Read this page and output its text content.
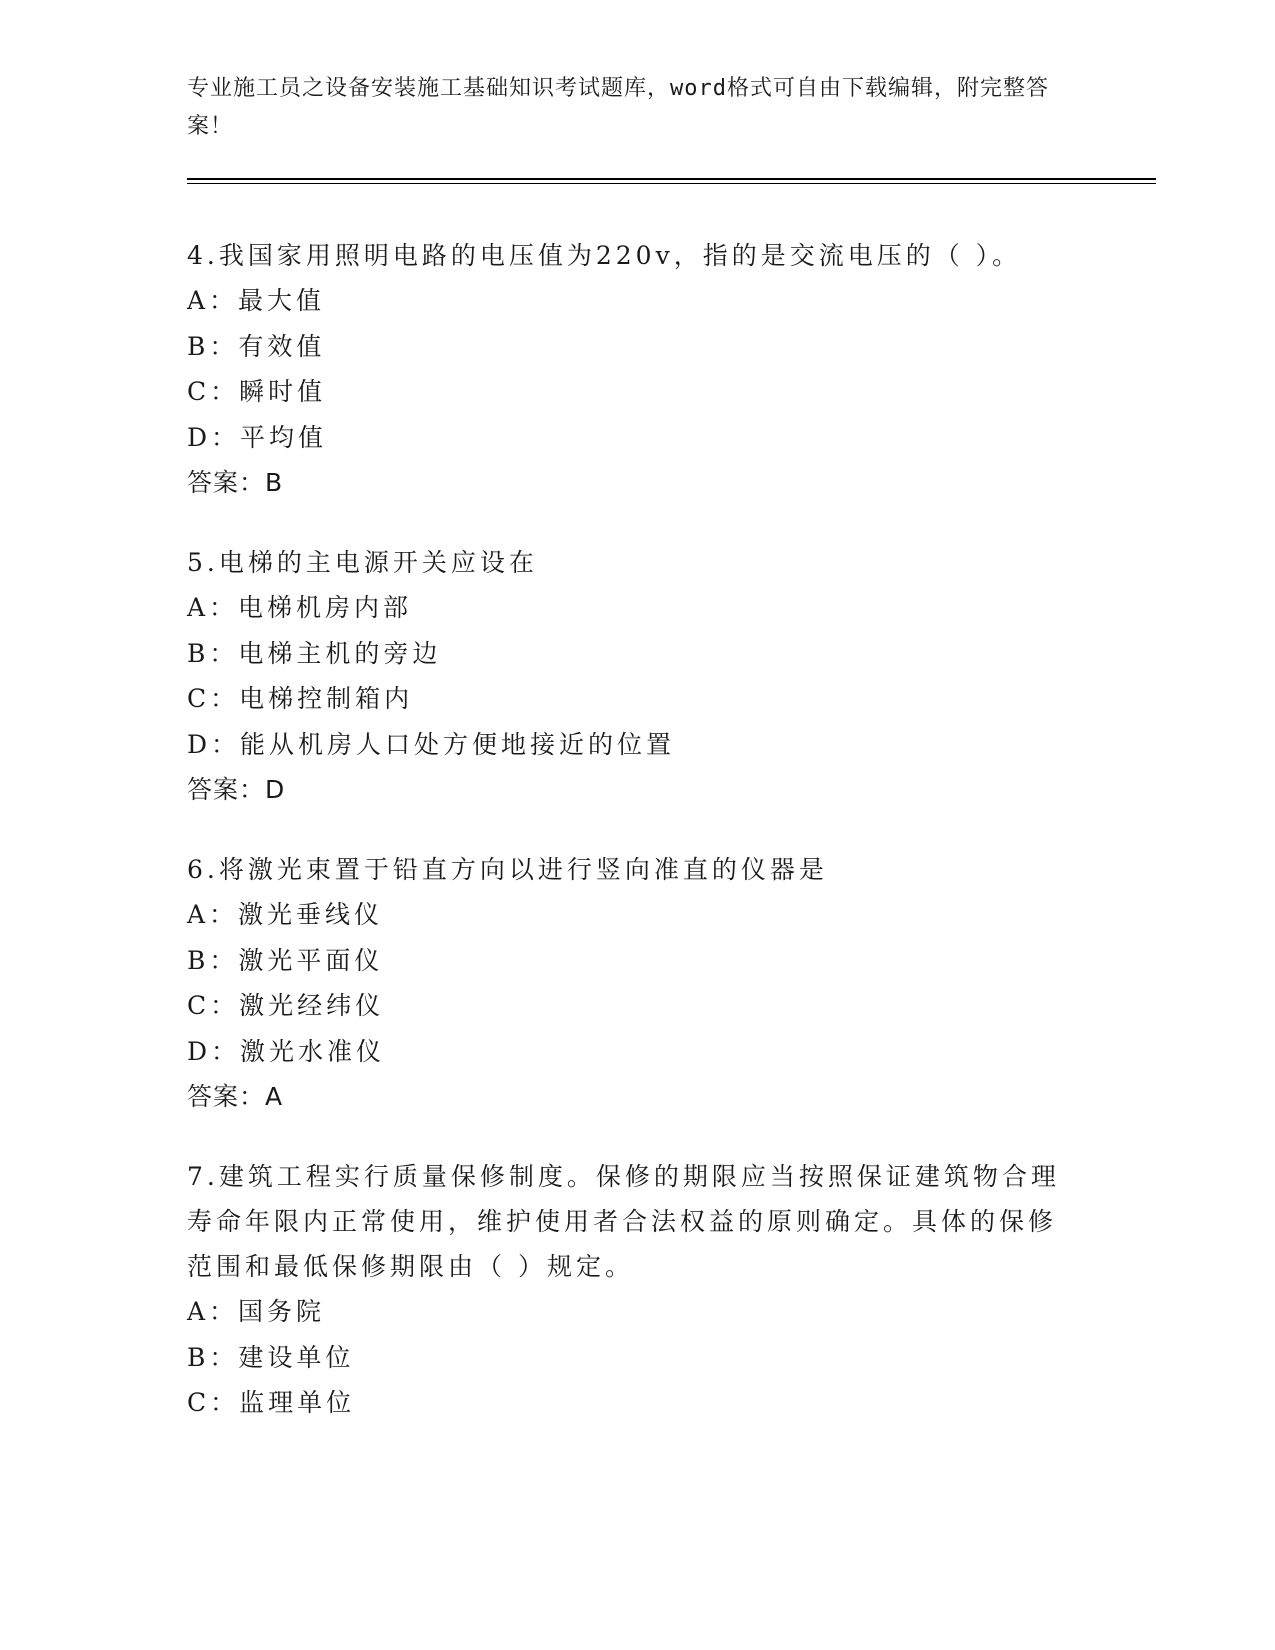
专业施工员之设备安装施工基础知识考试题库，word格式可自由下载编辑，附完整答案！
4.我国家用照明电路的电压值为220v，指的是交流电压的（ ）。
A：最大值
B：有效值
C：瞬时值
D：平均值
答案：B
5.电梯的主电源开关应设在
A：电梯机房内部
B：电梯主机的旁边
C：电梯控制箱内
D：能从机房人口处方便地接近的位置
答案：D
6.将激光束置于铅直方向以进行竖向准直的仪器是
A：激光垂线仪
B：激光平面仪
C：激光经纬仪
D：激光水准仪
答案：A
7.建筑工程实行质量保修制度。保修的期限应当按照保证建筑物合理寿命年限内正常使用，维护使用者合法权益的原则确定。具体的保修范围和最低保修期限由（ ）规定。
A：国务院
B：建设单位
C：监理单位
